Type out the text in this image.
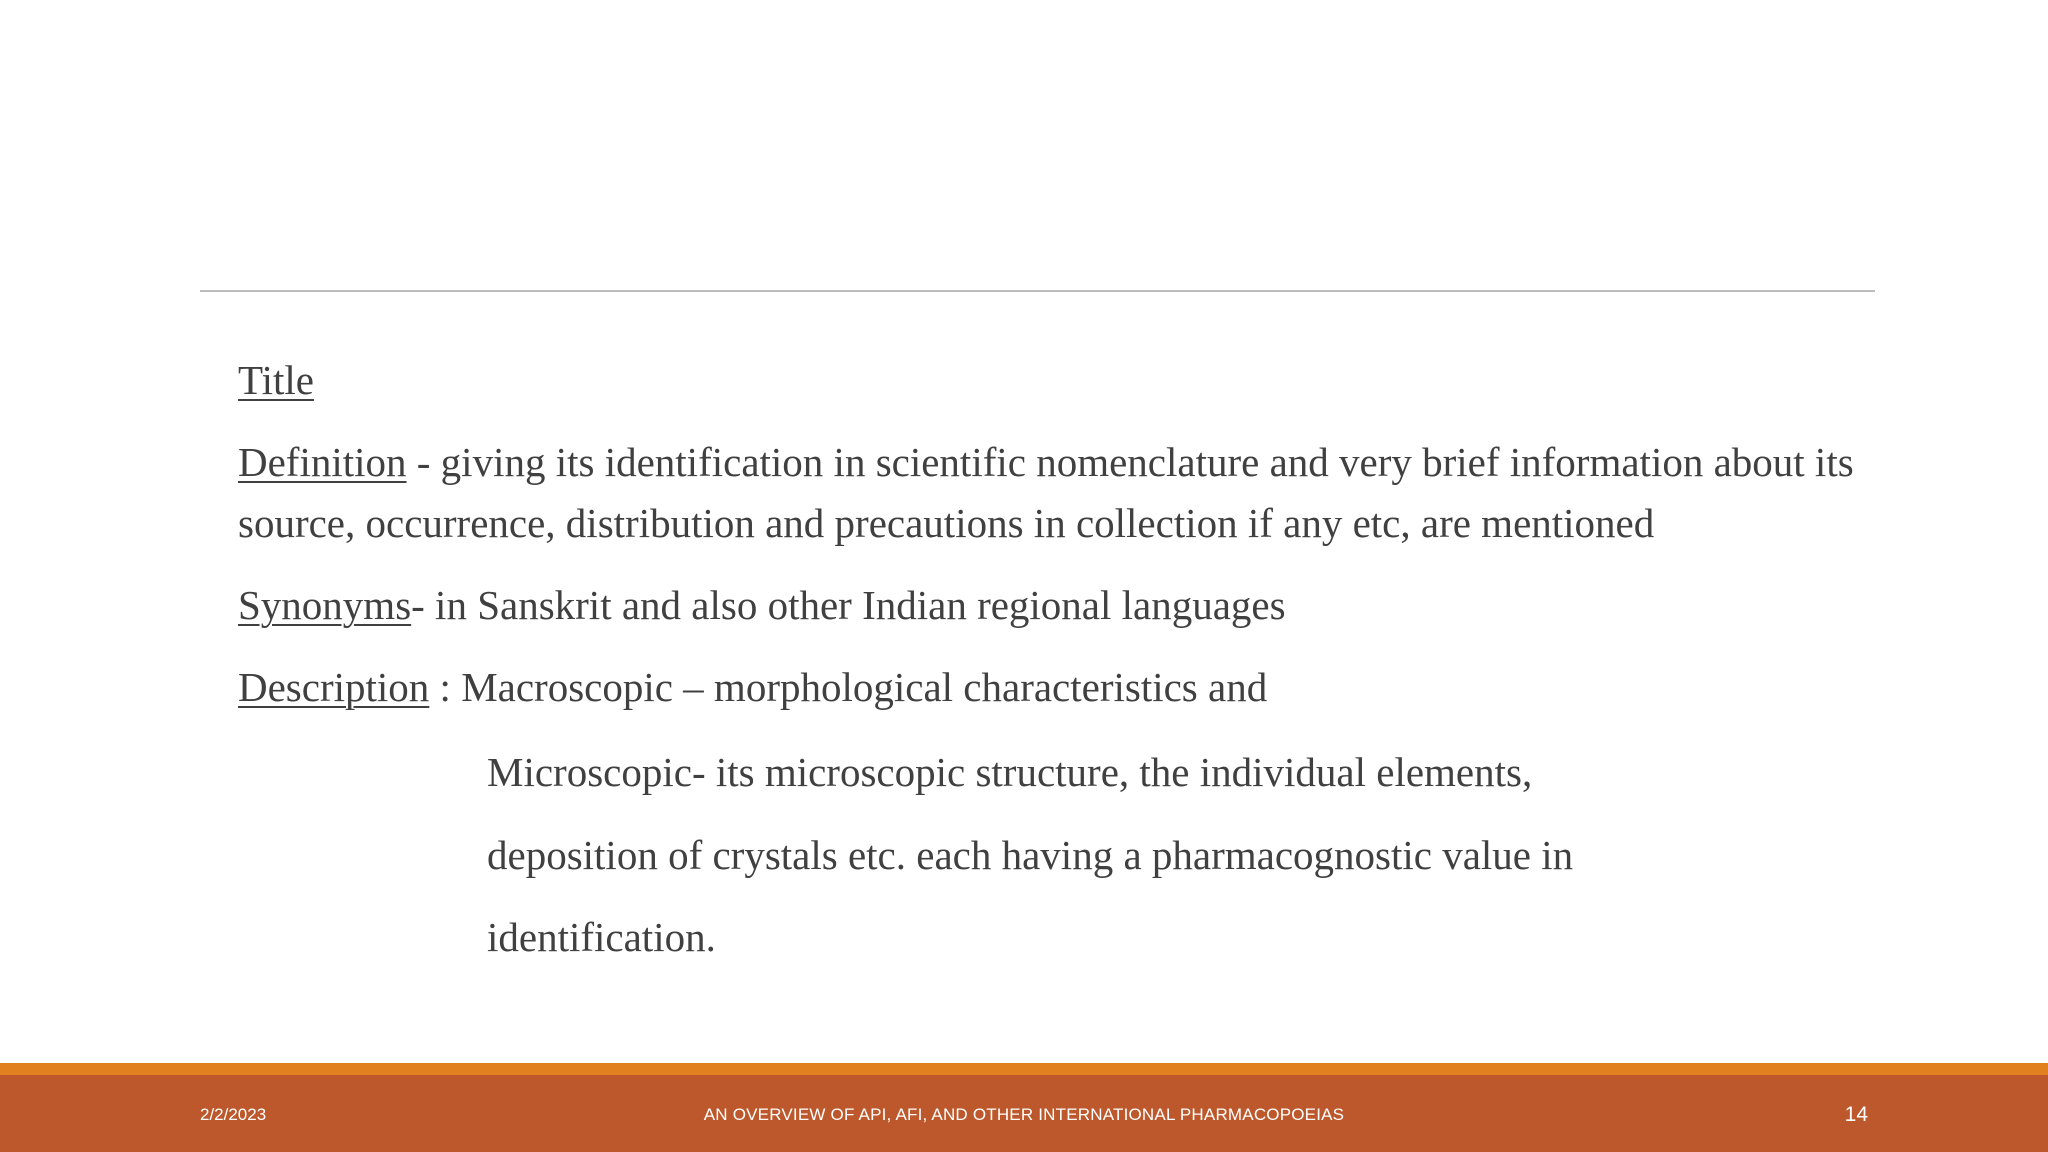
Title

Definition - giving its identification in scientific nomenclature and very brief information about its source, occurrence, distribution and precautions in collection if any etc, are mentioned

Synonyms- in Sanskrit and also other Indian regional languages

Description : Macroscopic – morphological characteristics and

Microscopic- its microscopic structure, the individual elements,
deposition of crystals etc. each having a pharmacognostic value in
identification.
2/2/2023	AN OVERVIEW OF API, AFI, AND OTHER INTERNATIONAL PHARMACOPOEIAS	14
